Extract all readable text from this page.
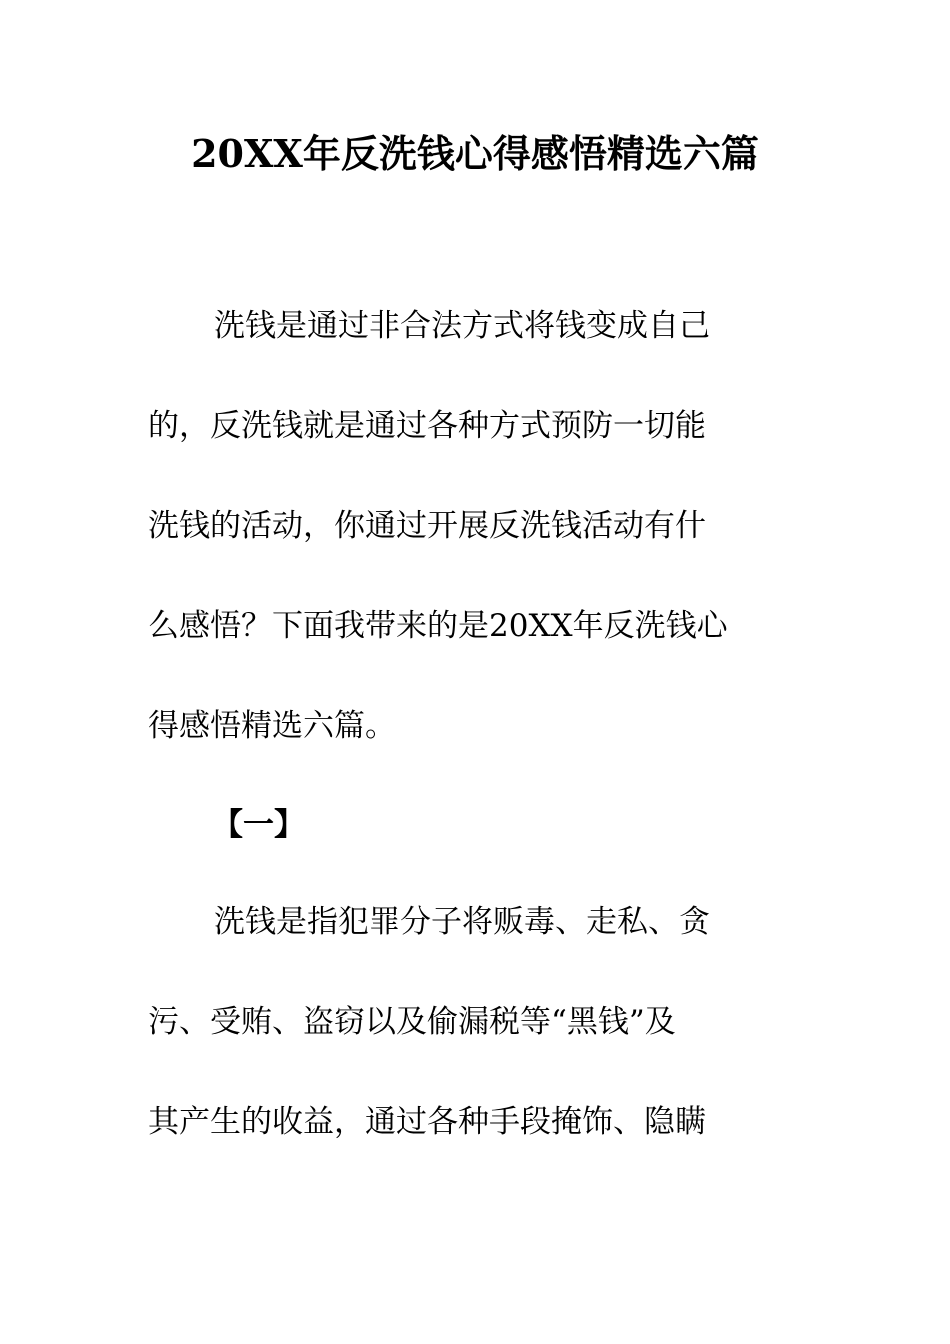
20XX年反洗钱心得感悟精选六篇
洗钱是通过非合法方式将钱变成自己
的，反洗钱就是通过各种方式预防一切能
洗钱的活动，你通过开展反洗钱活动有什
么感悟？下面我带来的是20XX年反洗钱心
得感悟精选六篇。
【一】
洗钱是指犯罪分子将贩毒、走私、贪
污、受贿、盗窃以及偷漏税等“黑钱”及
其产生的收益，通过各种手段掩饰、隐瞒
